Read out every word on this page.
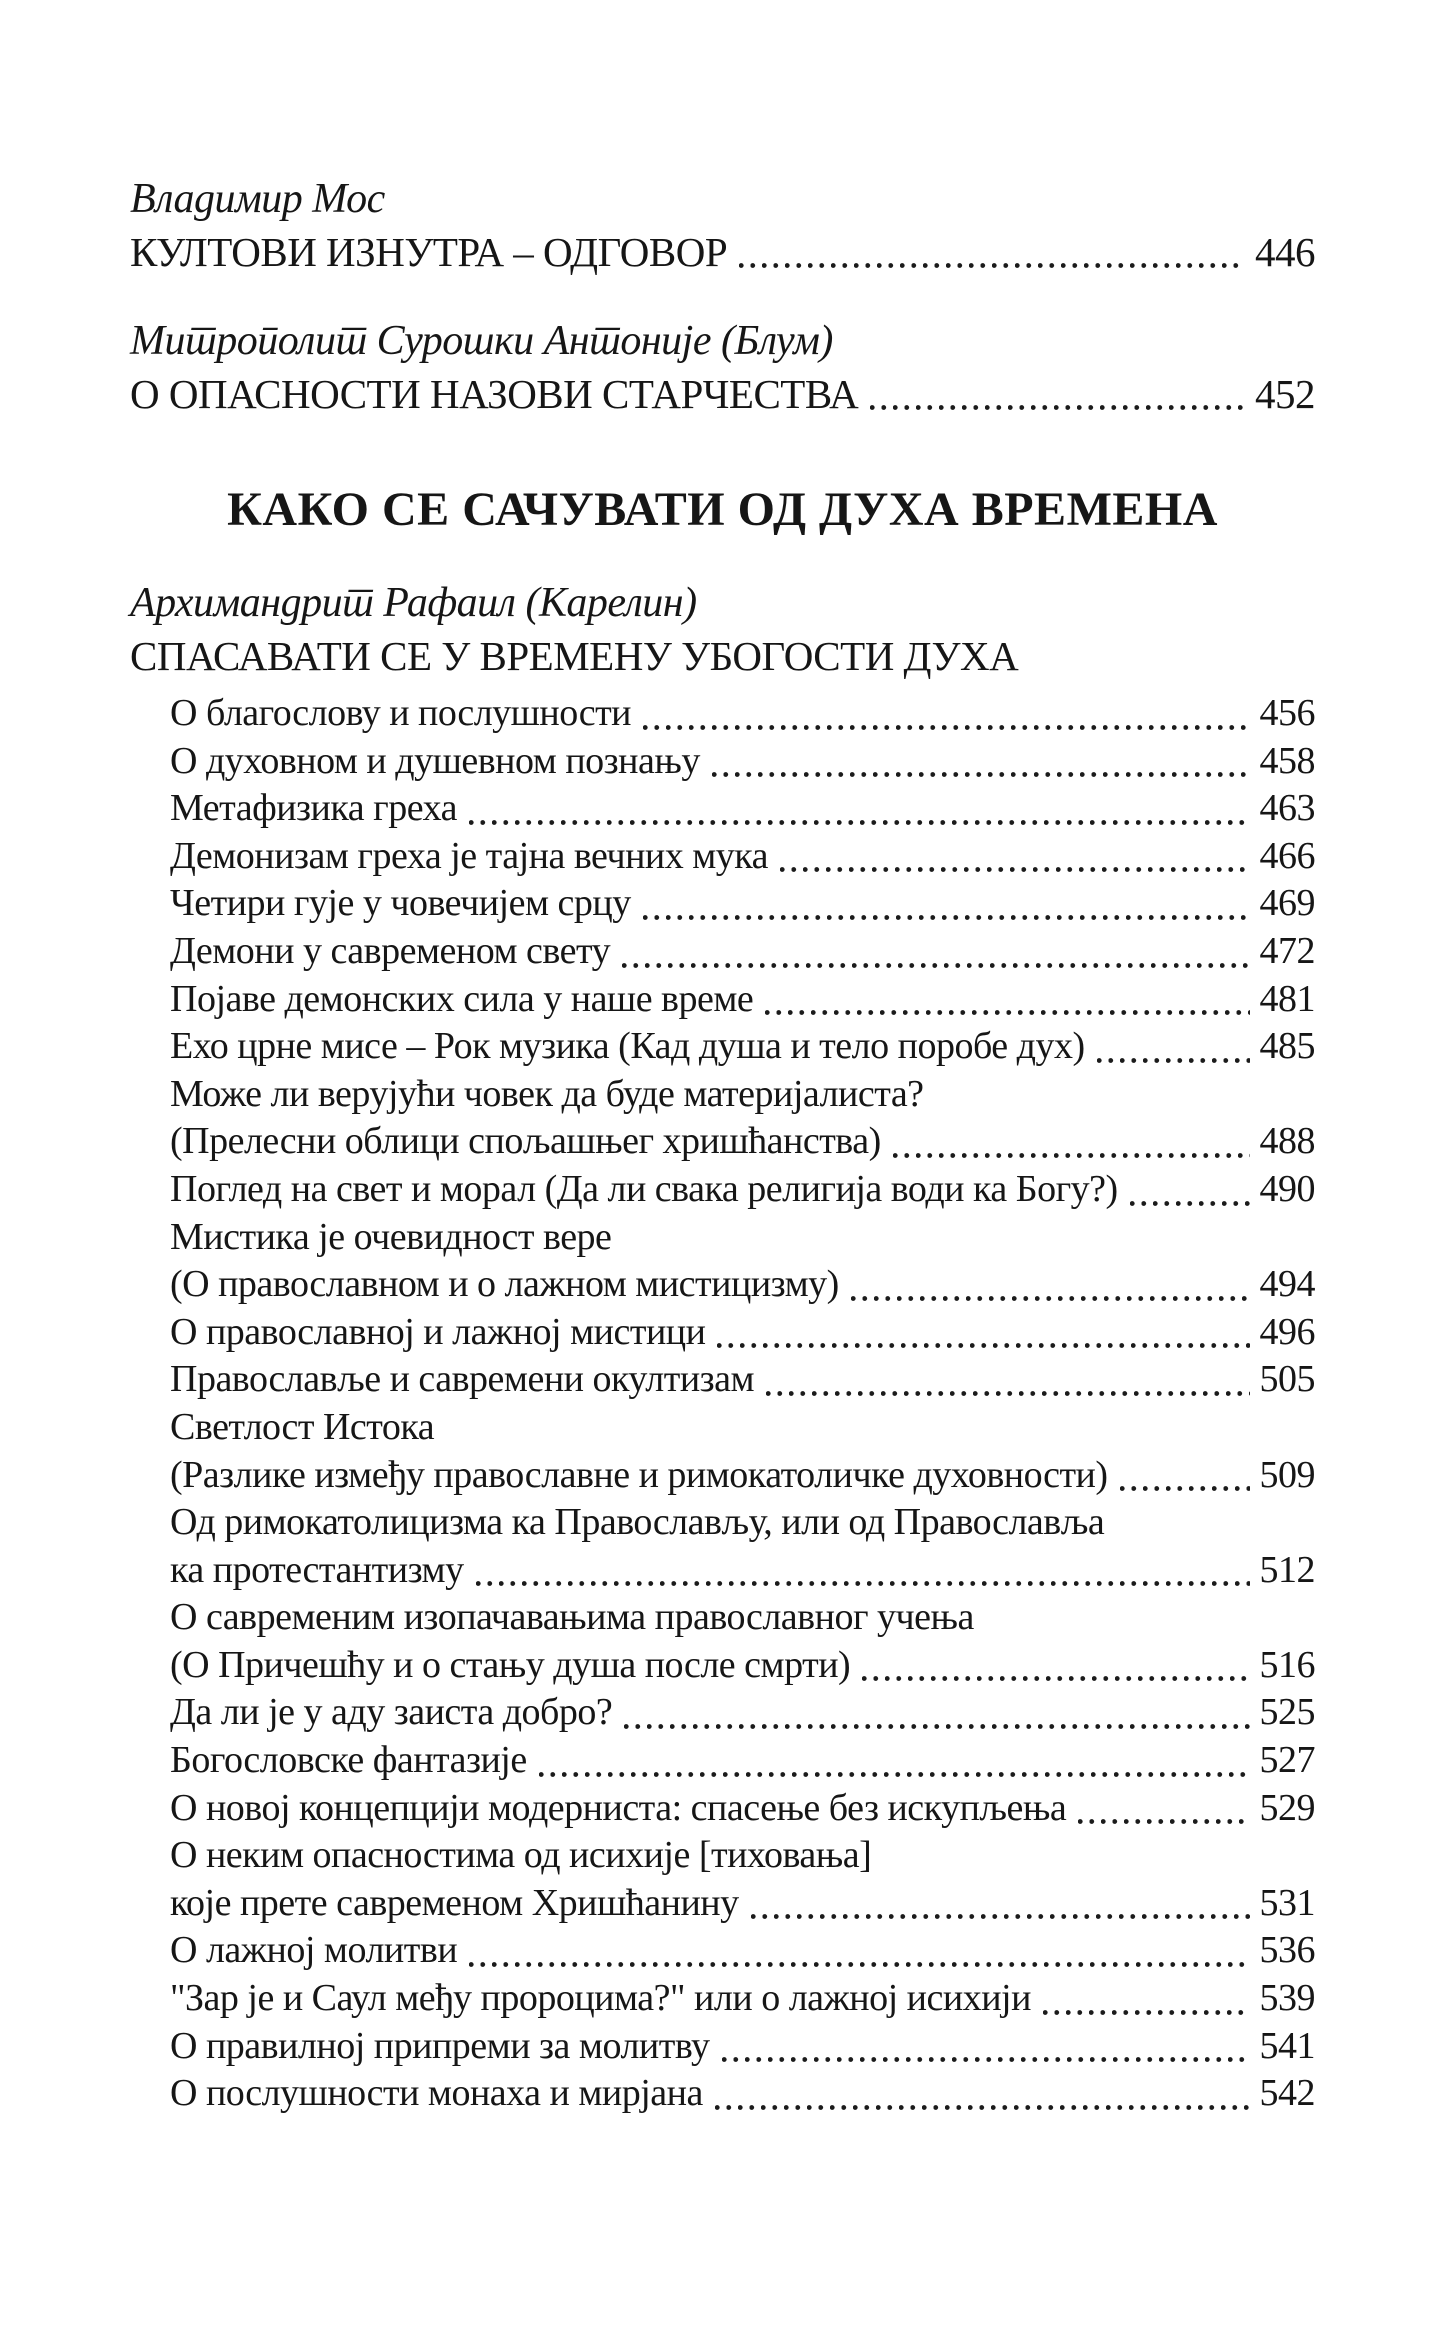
Владимир Мос
КУЛТОВИ ИЗНУТРА – ОДГОВОР	446
Митрополит Сурошки Антоније (Блум)
О ОПАСНОСТИ НАЗОВИ СТАРЧЕСТВА	452
КАКО СЕ САЧУВАТИ ОД ДУХА ВРЕМЕНА
Архимандрит Рафаил (Карелин)
СПАСАВАТИ СЕ У ВРЕМЕНУ УБОГОСТИ ДУХА
О благослову и послушности	456
О духовном и душевном познању	458
Метафизика греха	463
Демонизам греха је тајна вечних мука	466
Четири гује у човечијем срцу	469
Демони у савременом свету	472
Појаве демонских сила у наше време	481
Ехо црне мисе – Рок музика (Кад душа и тело поробе дух)	485
Може ли верујући човек да буде материјалиста?
(Прелесни облици спољашњег хришћанства)	488
Поглед на свет и морал (Да ли свака религија води ка Богу?)	490
Мистика је очевидност вере
(О православном и о лажном мистицизму)	494
О православној и лажној мистици	496
Православље и савремени окултизам	505
Светлост Истока
(Разлике између православне и римокатоличке духовности)	509
Од римокатолицизма ка Православљу, или од Православља
ка протестантизму	512
О савременим изопачавањима православног учења
(О Причешћу и о стању душа после смрти)	516
Да ли је у аду заиста добро?	525
Богословске фантазије	527
О новој концепцији модерниста: спасење без искупљења	529
О неким опасностима од исихије [тиховања]
које прете савременом Хришћанину	531
О лажној молитви	536
"Зар је и Саул међу пророцима?" или о лажној исихији	539
О правилној припреми за молитву	541
О послушности монаха и мирјана	542
